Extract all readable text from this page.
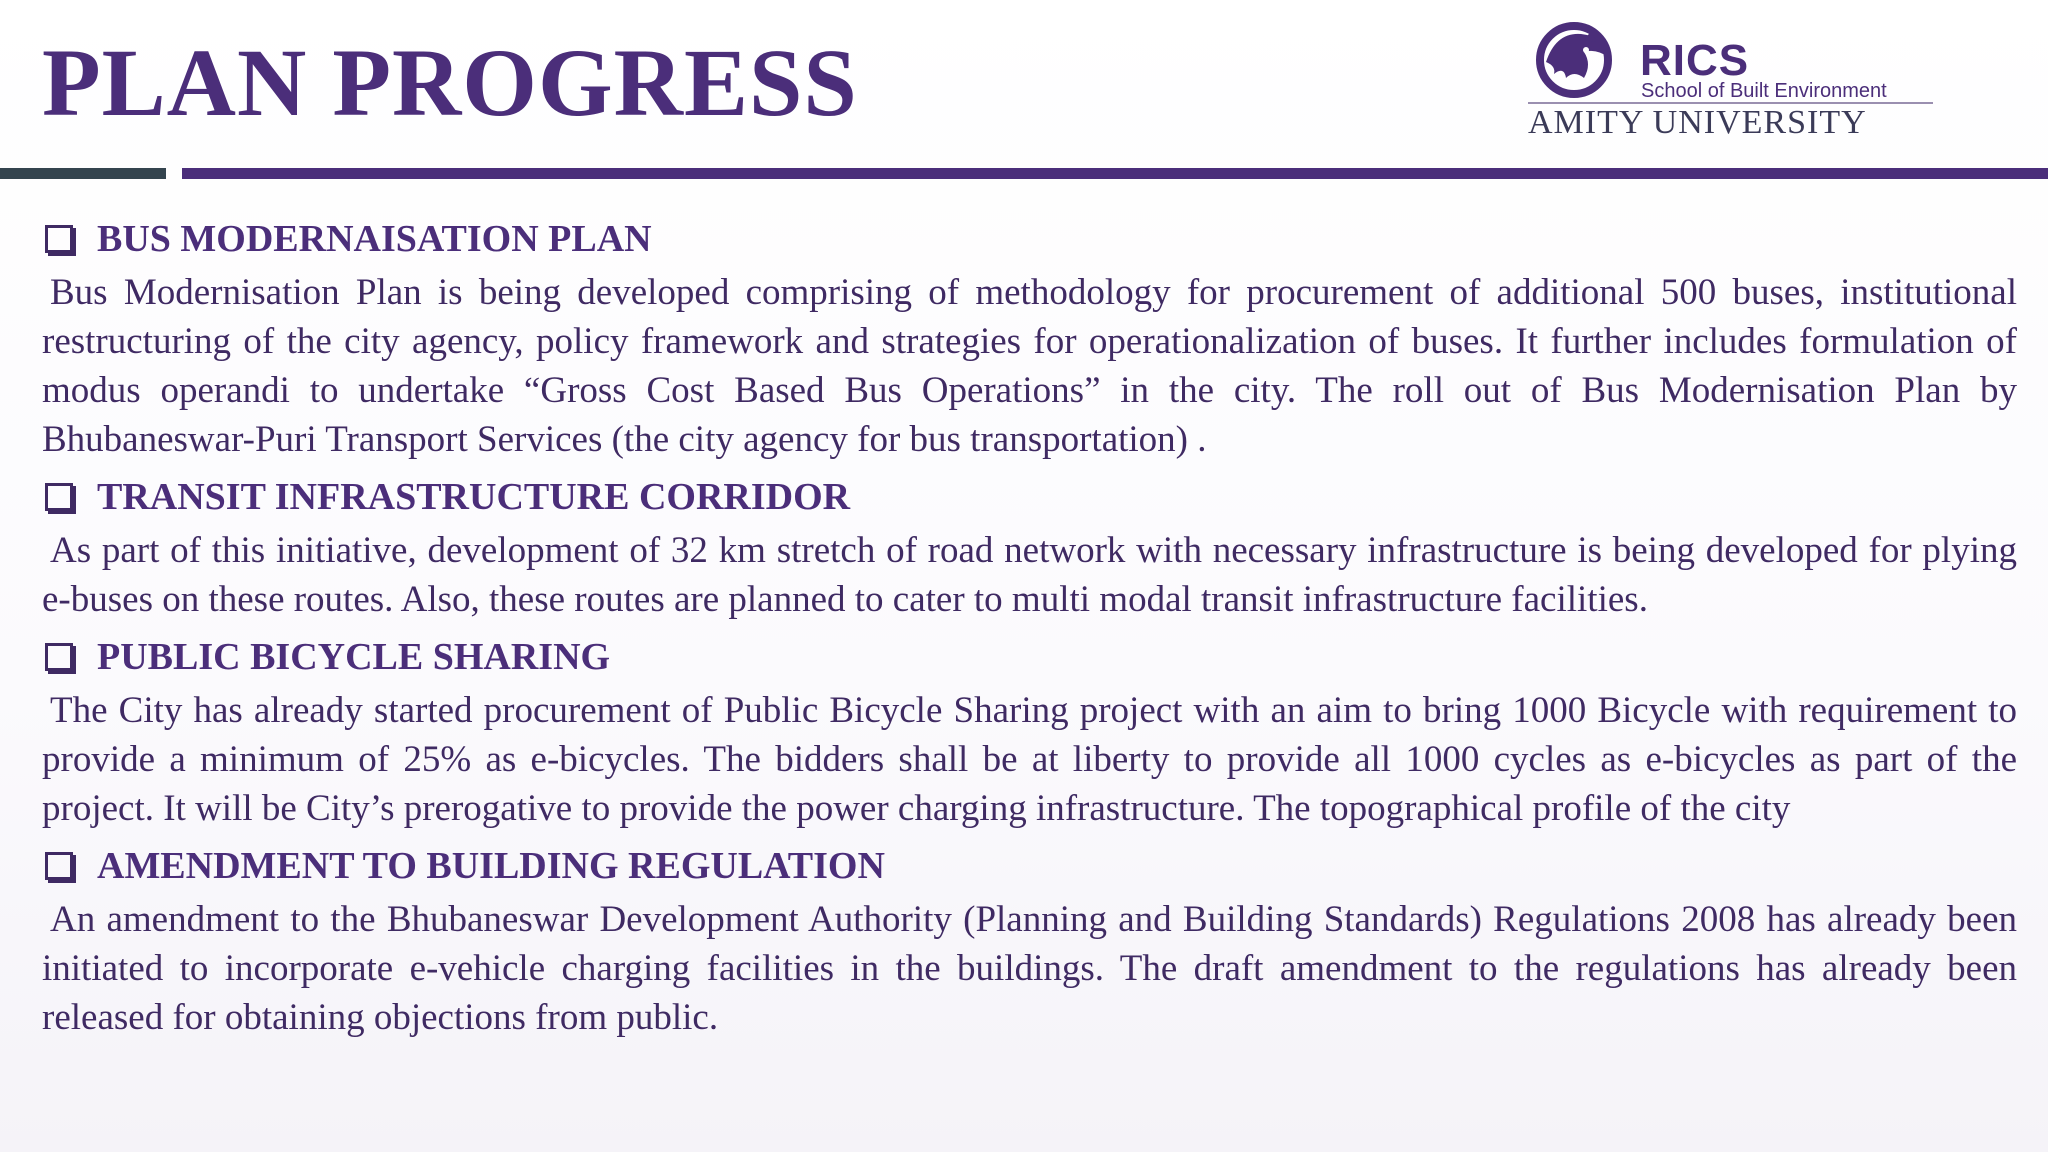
PLAN PROGRESS	RICS
School of Built Environment
AMITY UNIVERSITY
BUS MODERNAISATION PLAN

Bus Modernisation Plan is being developed comprising of methodology for procurement of additional 500 buses, institutional restructuring of the city agency, policy framework and strategies for operationalization of buses. It further includes formulation of modus operandi to undertake “Gross Cost Based Bus Operations” in the city. The roll out of Bus Modernisation Plan by Bhubaneswar-Puri Transport Services (the city agency for bus transportation) .

TRANSIT INFRASTRUCTURE CORRIDOR

As part of this initiative, development of 32 km stretch of road network with necessary infrastructure is being developed for plying e-buses on these routes. Also, these routes are planned to cater to multi modal transit infrastructure facilities.

PUBLIC BICYCLE SHARING

The City has already started procurement of Public Bicycle Sharing project with an aim to bring 1000 Bicycle with requirement to provide a minimum of 25% as e-bicycles. The bidders shall be at liberty to provide all 1000 cycles as e-bicycles as part of the project. It will be City’s prerogative to provide the power charging infrastructure. The topographical profile of the city

AMENDMENT TO BUILDING REGULATION

An amendment to the Bhubaneswar Development Authority (Planning and Building Standards) Regulations 2008 has already been initiated to incorporate e-vehicle charging facilities in the buildings. The draft amendment to the regulations has already been released for obtaining objections from public.
